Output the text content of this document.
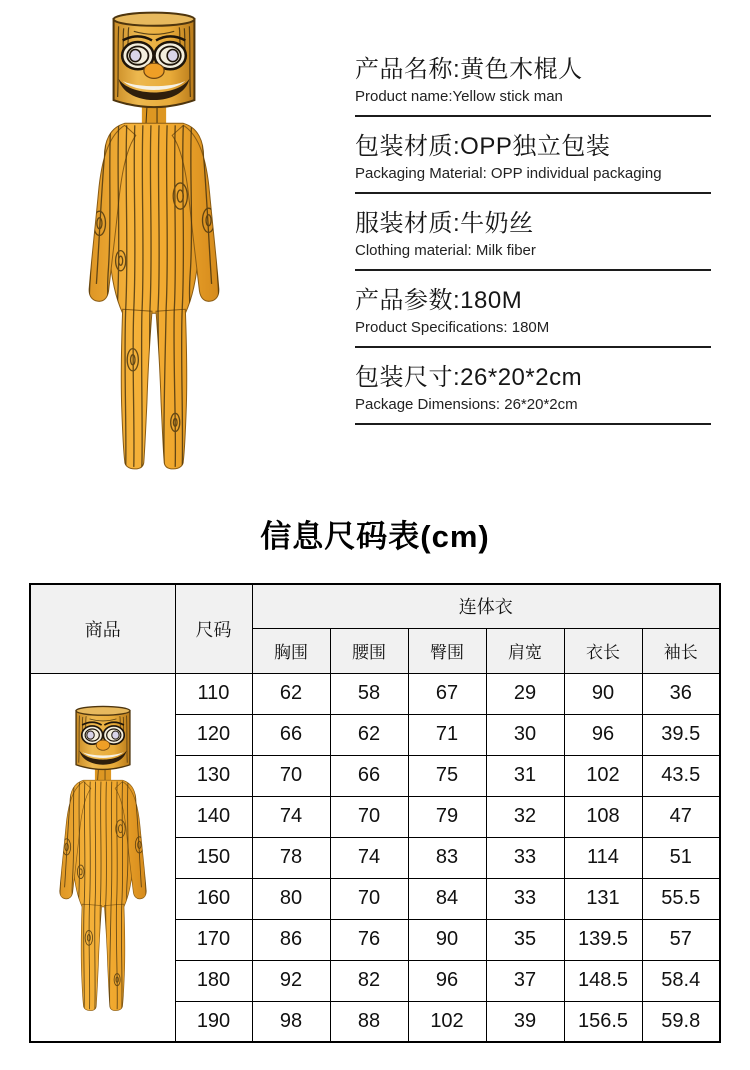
产品名称:黄色木棍人
Product name:Yellow stick man
包装材质:OPP独立包装
Packaging Material: OPP individual packaging
服装材质:牛奶丝
Clothing material: Milk fiber
产品参数:180M
Product Specifications: 180M
包装尺寸:26*20*2cm
Package Dimensions: 26*20*2cm
信息尺码表(cm)
商品	尺码	连体衣					
		胸围	腰围	臀围	肩宽	衣长	袖长
	110	62	58	67	29	90	36
	120	66	62	71	30	96	39.5
	130	70	66	75	31	102	43.5
	140	74	70	79	32	108	47
	150	78	74	83	33	114	51
	160	80	70	84	33	131	55.5
	170	86	76	90	35	139.5	57
	180	92	82	96	37	148.5	58.4
	190	98	88	102	39	156.5	59.8
